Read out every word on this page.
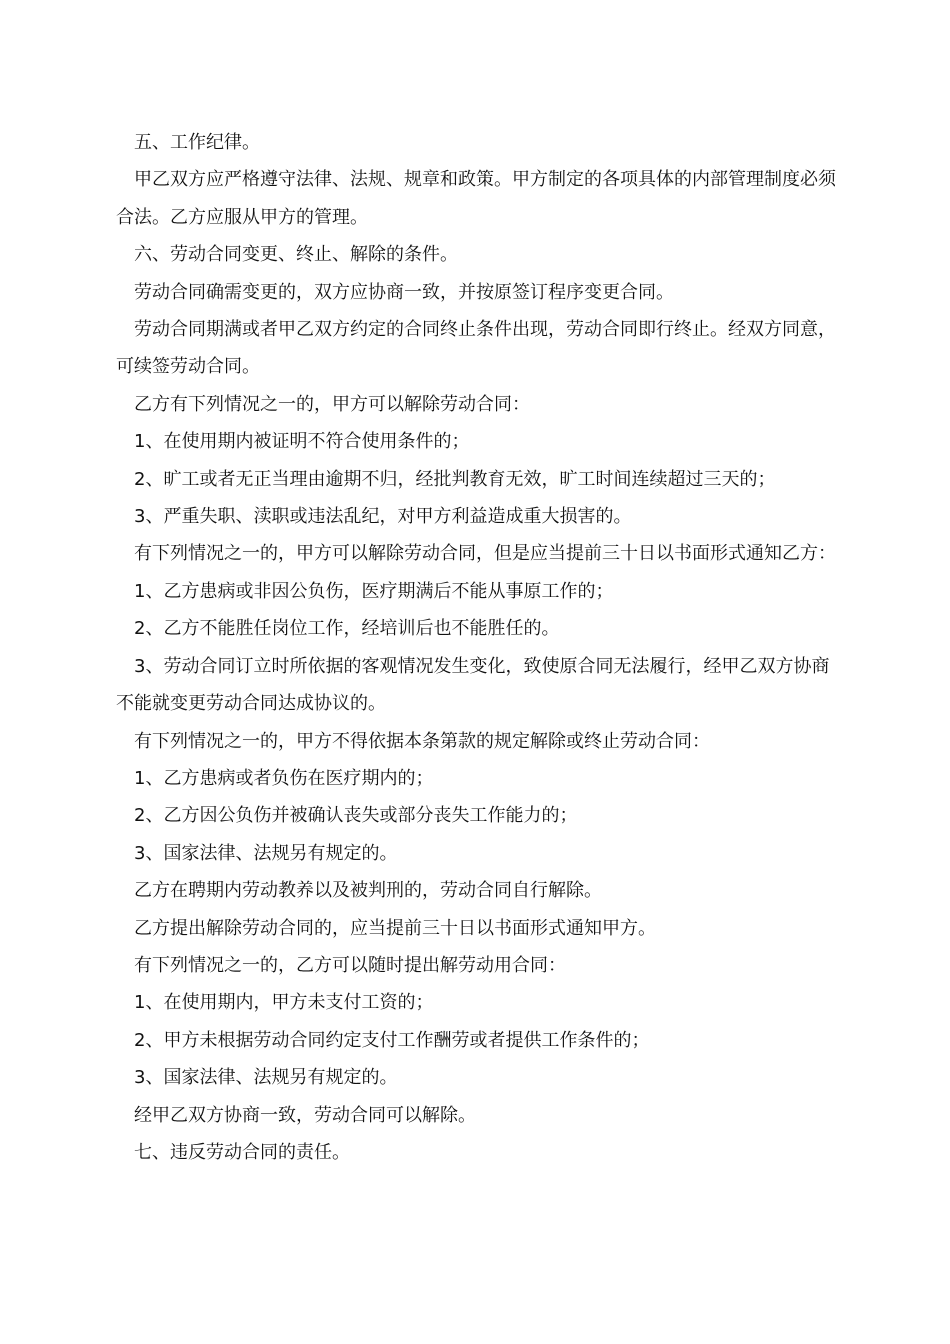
五、工作纪律。

甲乙双方应严格遵守法律、法规、规章和政策。甲方制定的各项具体的内部管理制度必须合法。乙方应服从甲方的管理。

六、劳动合同变更、终止、解除的条件。

劳动合同确需变更的，双方应协商一致，并按原签订程序变更合同。

劳动合同期满或者甲乙双方约定的合同终止条件出现，劳动合同即行终止。经双方同意，可续签劳动合同。

乙方有下列情况之一的，甲方可以解除劳动合同：

1、在使用期内被证明不符合使用条件的；

2、旷工或者无正当理由逾期不归，经批判教育无效，旷工时间连续超过三天的；

3、严重失职、渎职或违法乱纪，对甲方利益造成重大损害的。

有下列情况之一的，甲方可以解除劳动合同，但是应当提前三十日以书面形式通知乙方：

1、乙方患病或非因公负伤，医疗期满后不能从事原工作的；

2、乙方不能胜任岗位工作，经培训后也不能胜任的。

3、劳动合同订立时所依据的客观情况发生变化，致使原合同无法履行，经甲乙双方协商不能就变更劳动合同达成协议的。

有下列情况之一的，甲方不得依据本条第款的规定解除或终止劳动合同：

1、乙方患病或者负伤在医疗期内的；

2、乙方因公负伤并被确认丧失或部分丧失工作能力的；

3、国家法律、法规另有规定的。

乙方在聘期内劳动教养以及被判刑的，劳动合同自行解除。

乙方提出解除劳动合同的，应当提前三十日以书面形式通知甲方。

有下列情况之一的，乙方可以随时提出解劳动用合同：

1、在使用期内，甲方未支付工资的；

2、甲方未根据劳动合同约定支付工作酬劳或者提供工作条件的；

3、国家法律、法规另有规定的。

经甲乙双方协商一致，劳动合同可以解除。

七、违反劳动合同的责任。
